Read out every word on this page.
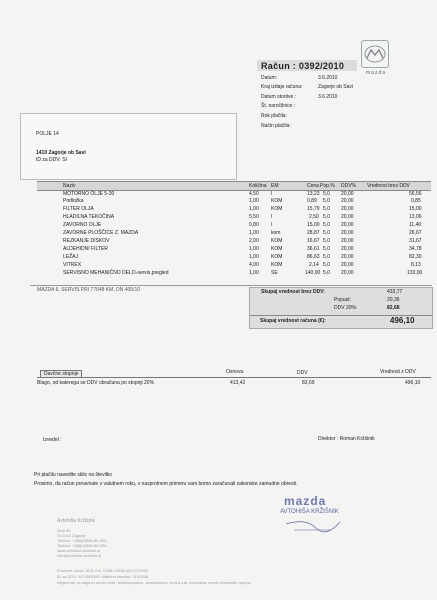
mazda
Račun : 0392/2010
Datum:	3.6.2010
Kraj izdaje računa:	Zagorje ob Savi
Datum storitve :	3.6.2010
Št. naročilnice :
Rok plačila:
Način plačila:
POLJE 14
1410 Zagorje ob Savi
ID za DDV: SI
Naziv	Količina EM	Cena Pop.% DDV% Vrednost brez DDV
MOTORNO OLJE 5-30	4,50 l	13,23 5,0 20,00	56,56
Podložka	1,00 KOM	0,89 5,0 20,00	0,85
FILTER OLJA	1,00 KOM	15,79 5,0 20,00	15,00
HLADILNA TEKOČINA	5,50 l	2,50 5,0 20,00	13,06
ZAVORNO OLJE	0,80 l	15,00 5,0 20,00	11,40
ZAVORNE PLOŠČICE Z. MAZDA	1,00 kom	28,87 5,0 20,00	26,67
REZKANJE DISKOV	2,00 KOM	16,67 5,0 20,00	31,67
ALDEHIDNI FILTER	1,00 KOM	36,61 5,0 20,00	34,78
LEŽAJ	1,00 KOM	86,63 5,0 20,00	82,30
VITREX	4,00 KOM	2,14 5,0 20,00	8,13
SERVISNO MEHANIČNO DELO-servis,pregled	1,00 SE	140,00 5,0 20,00	133,00
MAZDA 6, SERVIS PRI 77648 KM, DN 405/10	Skupaj vrednost brez DDV:	433,77
Popust:	20,36
DDV 20%:	82,68
Skupaj vrednost računa (€):	496,10
Davčne stopnje	Osnova	DDV	Vrednost z DDV
Blago, od katerega se DDV obračuna po stopnji 20%	413,42	82,69	496,10
Izvedel :	Direktor : Roman Kržišnik
Pri plačilu navedite sklic na številko
Prosimo, da račun poravnate v valutnem roku, v nasprotnem primeru vam bomo zaračunali zakonske zamudne obresti.
Avtohiša Kržišnik
Selo 65
SI-1410 Zagorje
Telefon: +386(0)356-66-500
Telefon: +386(0)356-68-359
www.avtohisa-krzisnik.si
info@avtohisa-krzisnik.si
Poslovni račun: NLB d.d.: 0256-02338-0017270943
ID za DDV: SI71585399, Matična številka: 5102638
Dejavnost: prodaja in servis vozil, avtokleparstvo, avtoličarstvo, rent-a-car, avtovleka, servis klimatskih naprav
mazda
AVTOHIŠA KRŽIŠNIK
